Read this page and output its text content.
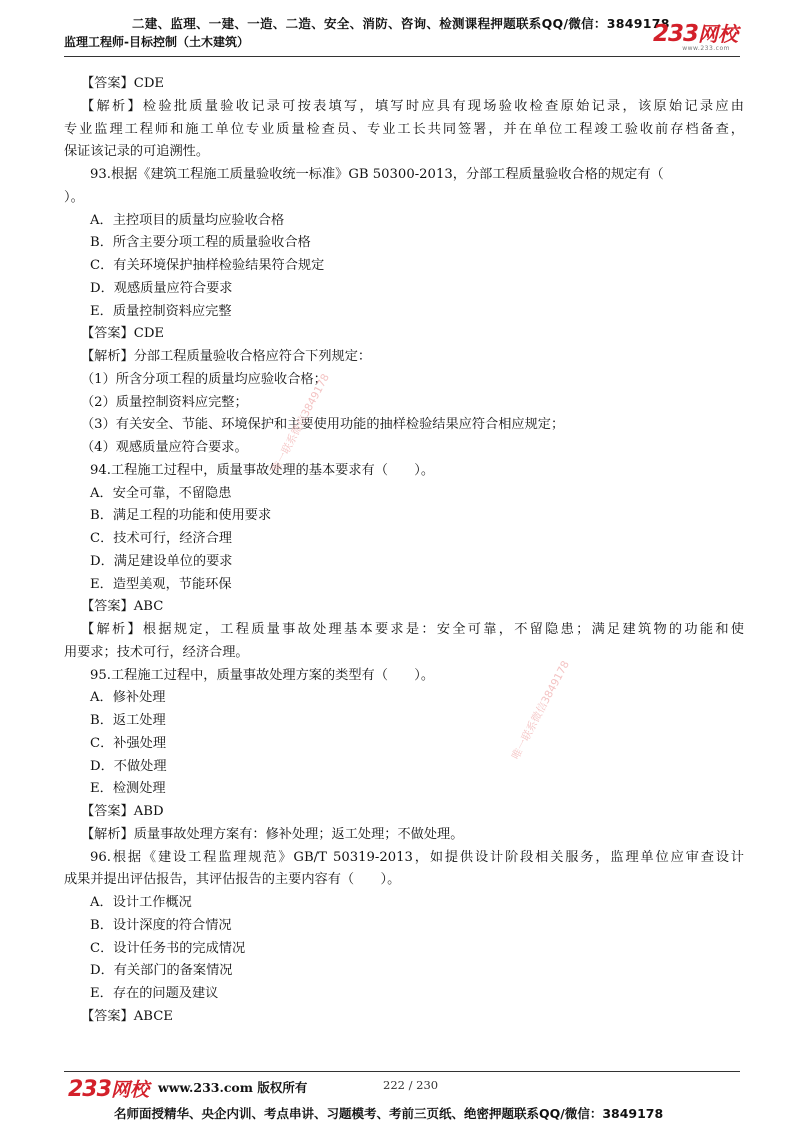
二建、监理、一建、一造、二造、安全、消防、咨询、检测课程押题联系QQ/微信：3849178
监理工程师-目标控制（土木建筑）	233网校
www.233.com
【答案】CDE
【解析】检验批质量验收记录可按表填写，填写时应具有现场验收检查原始记录，该原始记录应由
专业监理工程师和施工单位专业质量检查员、专业工长共同签署，并在单位工程竣工验收前存档备查，
保证该记录的可追溯性。
93.根据《建筑工程施工质量验收统一标准》GB 50300-2013，分部工程质量验收合格的规定有（
）。
A．主控项目的质量均应验收合格
B．所含主要分项工程的质量验收合格
C．有关环境保护抽样检验结果符合规定
D．观感质量应符合要求
E．质量控制资料应完整
【答案】CDE
【解析】分部工程质量验收合格应符合下列规定：
（1）所含分项工程的质量均应验收合格；
（2）质量控制资料应完整；
（3）有关安全、节能、环境保护和主要使用功能的抽样检验结果应符合相应规定；
（4）观感质量应符合要求。
94.工程施工过程中，质量事故处理的基本要求有（　　）。
A．安全可靠，不留隐患
B．满足工程的功能和使用要求
C．技术可行，经济合理
D．满足建设单位的要求
E．造型美观，节能环保
【答案】ABC
【解析】根据规定，工程质量事故处理基本要求是：安全可靠，不留隐患；满足建筑物的功能和使
用要求；技术可行，经济合理。
95.工程施工过程中，质量事故处理方案的类型有（　　）。
A．修补处理
B．返工处理
C．补强处理
D．不做处理
E．检测处理
【答案】ABD
【解析】质量事故处理方案有：修补处理；返工处理；不做处理。
96.根据《建设工程监理规范》GB/T 50319-2013，如提供设计阶段相关服务，监理单位应审查设计
成果并提出评估报告，其评估报告的主要内容有（　　）。
A．设计工作概况
B．设计深度的符合情况
C．设计任务书的完成情况
D．有关部门的备案情况
E．存在的问题及建议
【答案】ABCE
唯一联系微信3849178
唯一联系微信3849178
233网校 www.233.com 版权所有	222 / 230
名师面授精华、央企内训、考点串讲、习题模考、考前三页纸、绝密押题联系QQ/微信：3849178
